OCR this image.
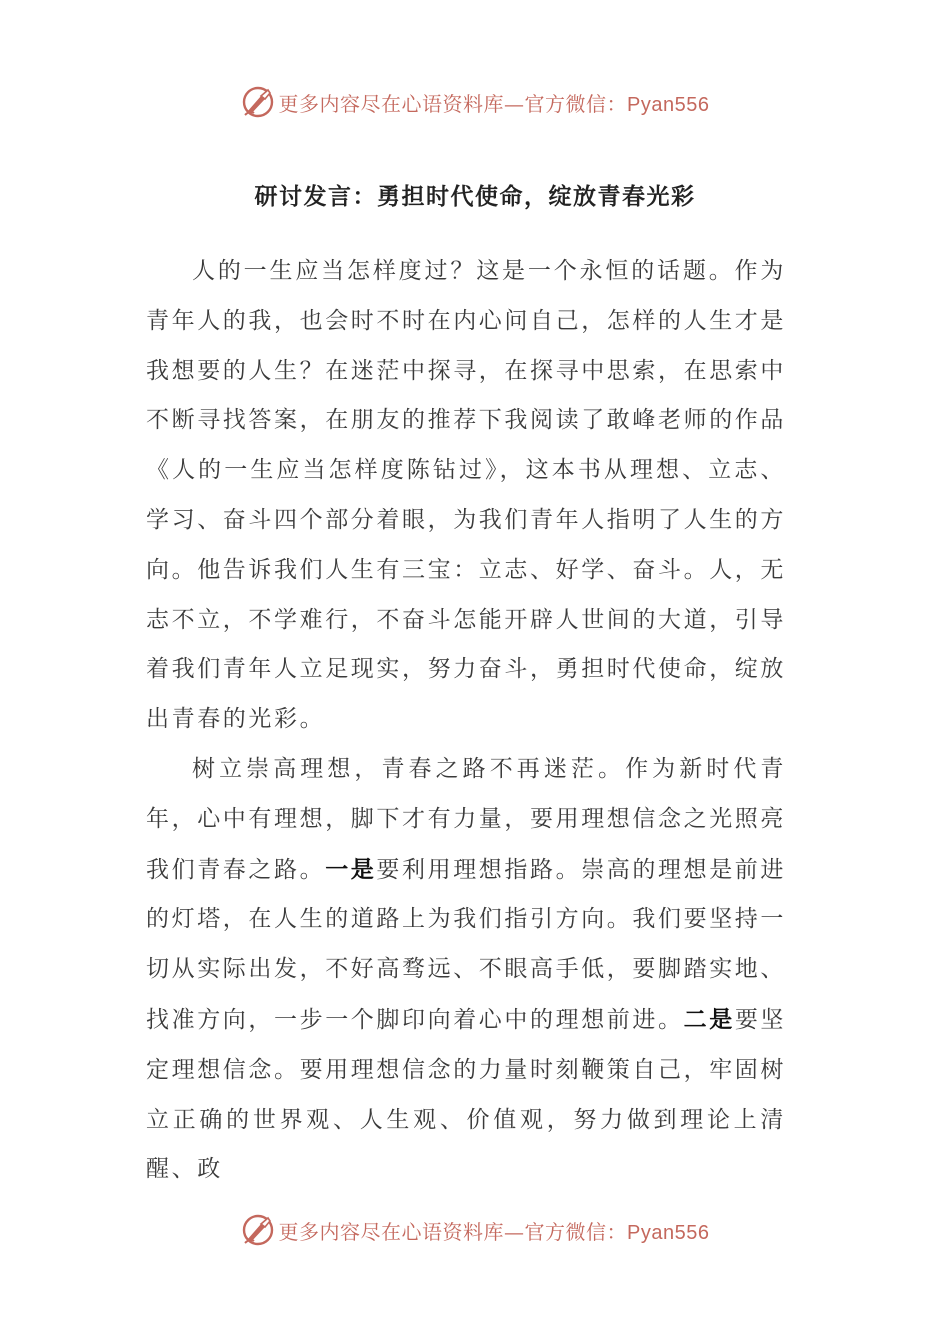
更多内容尽在心语资料库—官方微信：Pyan556
研讨发言：勇担时代使命，绽放青春光彩

人的一生应当怎样度过？这是一个永恒的话题。作为青年人的我，也会时不时在内心问自己，怎样的人生才是我想要的人生？在迷茫中探寻，在探寻中思索，在思索中不断寻找答案，在朋友的推荐下我阅读了敢峰老师的作品《人的一生应当怎样度陈钻过》，这本书从理想、立志、学习、奋斗四个部分着眼，为我们青年人指明了人生的方向。他告诉我们人生有三宝：立志、好学、奋斗。人，无志不立，不学难行，不奋斗怎能开辟人世间的大道，引导着我们青年人立足现实，努力奋斗，勇担时代使命，绽放出青春的光彩。

树立崇高理想，青春之路不再迷茫。作为新时代青年，心中有理想，脚下才有力量，要用理想信念之光照亮我们青春之路。一是要利用理想指路。崇高的理想是前进的灯塔，在人生的道路上为我们指引方向。我们要坚持一切从实际出发，不好高骛远、不眼高手低，要脚踏实地、找准方向，一步一个脚印向着心中的理想前进。二是要坚定理想信念。要用理想信念的力量时刻鞭策自己，牢固树立正确的世界观、人生观、价值观，努力做到理论上清醒、政

更多内容尽在心语资料库—官方微信：Pyan556
